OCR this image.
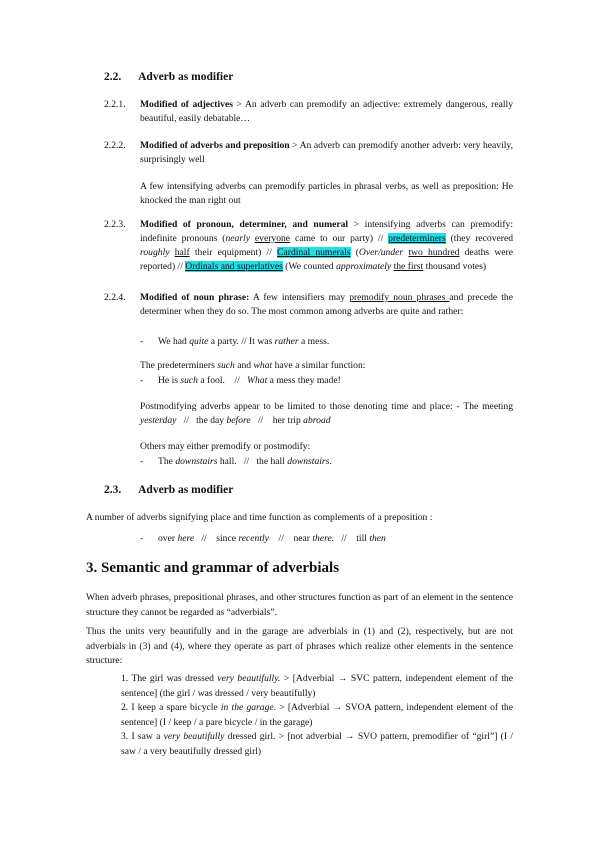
2.2. Adverb as modifier
2.2.1.	Modified of adjectives > An adverb can premodify an adjective: extremely dangerous, really beautiful, easily debatable…
2.2.2.	Modified of adverbs and preposition > An adverb can premodify another adverb: very heavily, surprisingly well
A few intensifying adverbs can premodify particles in phrasal verbs, as well as preposition: He knocked the man right out
2.2.3.	Modified of pronoun, determiner, and numeral > intensifying adverbs can premodify: indefinite pronouns (nearly everyone came to our party) // predeterminers (they recovered roughly half their equipment) // Cardinal numerals (Over/under two hundred deaths were reported) // Ordinals and superlatives (We counted approximately the first thousand votes)
2.2.4.	Modified of noun phrase: A few intensifiers may premodify noun phrases and precede the determiner when they do so. The most common among adverbs are quite and rather:
- We had quite a party. // It was rather a mess.
The predeterminers such and what have a similar function:
- He is such a fool.    //   What a mess they made!
Postmodifying adverbs appear to be limited to those denoting time and place: - The meeting yesterday   //   the day before   //    her trip abroad
Others may either premodify or postmodify:
- The downstairs hall.   //   the hall downstairs.
2.3. Adverb as modifier
A number of adverbs signifying place and time function as complements of a preposition :
- over here   //    since recently    //    near there.   //    till then
3. Semantic and grammar of adverbials
When adverb phrases, prepositional phrases, and other structures function as part of an element in the sentence structure they cannot be regarded as “adverbials”.
Thus the units very beautifully and in the garage are adverbials in (1) and (2), respectively, but are not adverbials in (3) and (4), where they operate as part of phrases which realize other elements in the sentence structure:
1. The girl was dressed very beautifully. > [Adverbial → SVC pattern, independent element of the sentence] (the girl / was dressed / very beautifully)
2. I keep a spare bicycle in the garage. > [Adverbial → SVOA pattern, independent element of the sentence] (I / keep / a pare bicycle / in the garage)
3. I saw a very beautifully dressed girl. > [not adverbial → SVO pattern, premodifier of “girl”] (I / saw / a very beautifully dressed girl)
